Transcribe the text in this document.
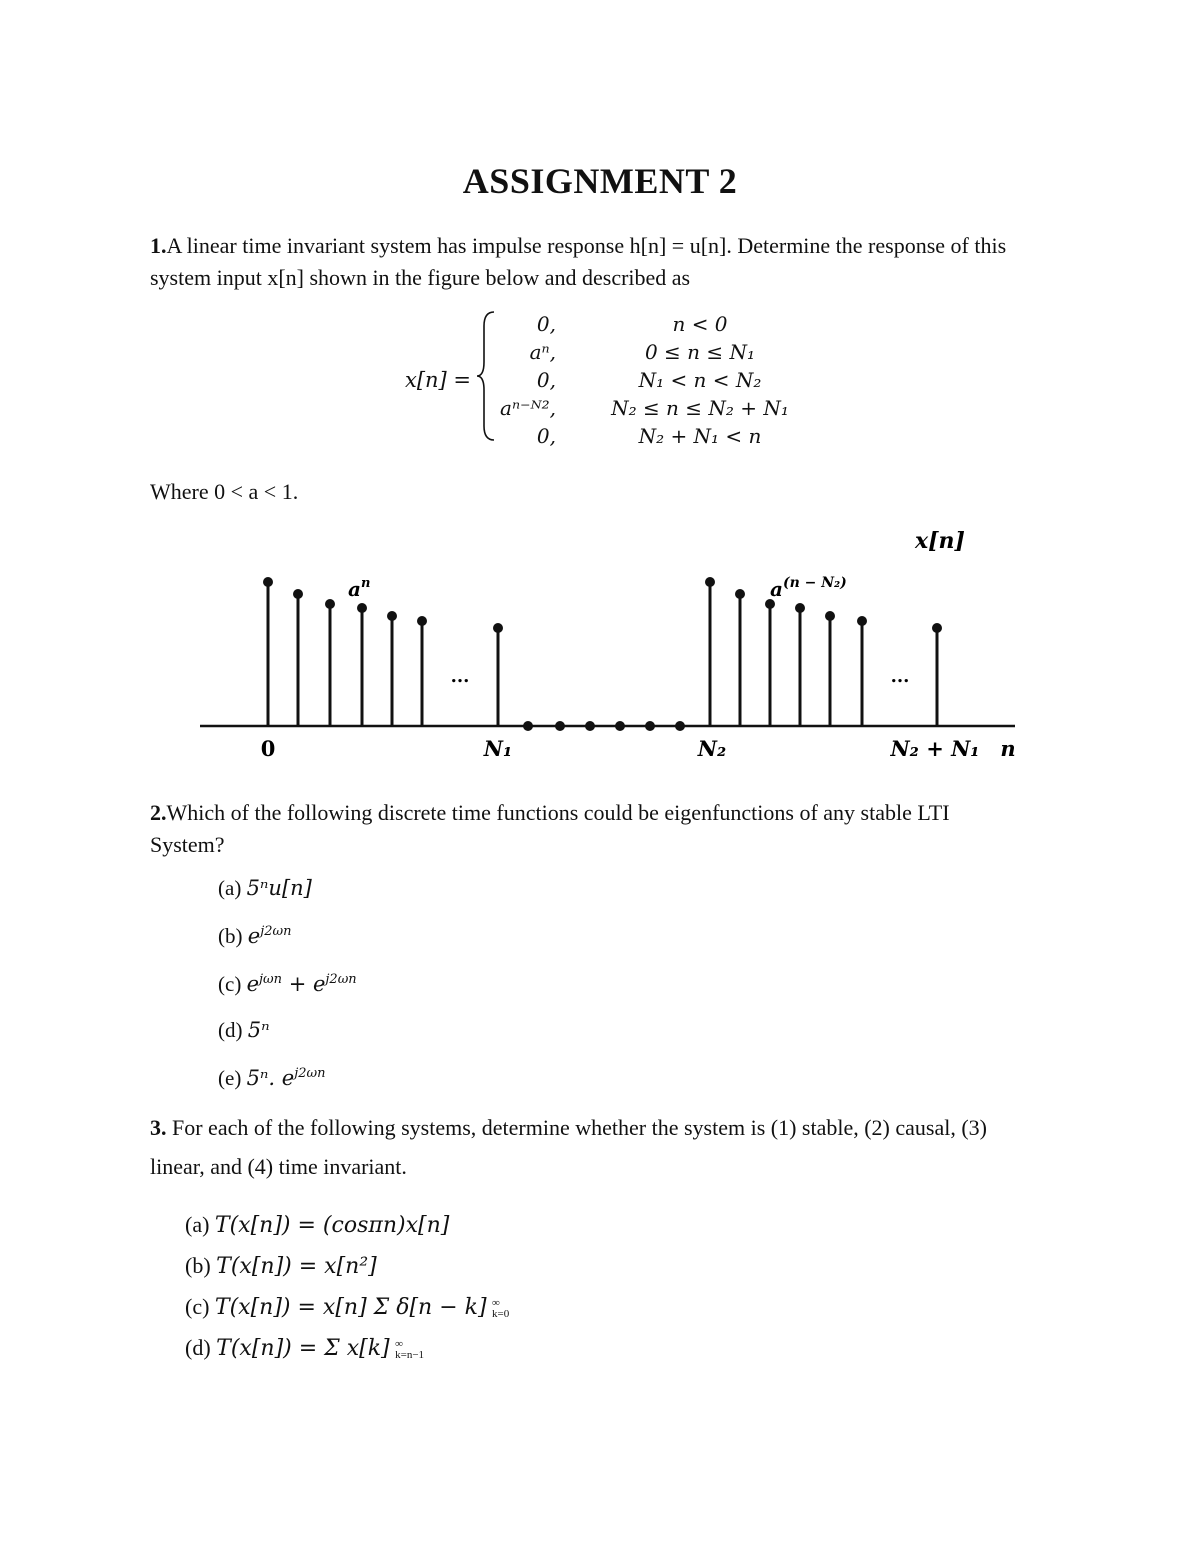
ASSIGNMENT 2
1.A linear time invariant system has impulse response h[n] = u[n]. Determine the response of this
system input x[n] shown in the figure below and described as
x[n] =
0,	n < 0
aⁿ,	0 ≤ n ≤ N₁
0,	N₁ < n < N₂
aⁿ⁻ᴺ²,	N₂ ≤ n ≤ N₂ + N₁
0,	N₂ + N₁ < n
Where 0 < a < 1.
x[n]
$a^n$	$a^{(n - N_2)}$
...	...
0	N₁	N₂	N₂ + N₁ n
2.Which of the following discrete time functions could be eigenfunctions of any stable LTI
System?
(a) 5ⁿu[n]
(b) $e^{j2\omega n}$
(c) $e^{j\omega n} + e^{j2\omega n}$
(d) 5ⁿ
(e) 5ⁿ. $e^{j2\omega n}$
3. For each of the following systems, determine whether the system is (1) stable, (2) causal, (3)
linear, and (4) time invariant.
(a) T(x[n]) = (cosπn)x[n]
(b) T(x[n]) = x[n²]
(c) T(x[n]) = x[n] Σ δ[n − k] ∞
k=0
(d) T(x[n]) = Σ x[k] ∞
k=n−1
